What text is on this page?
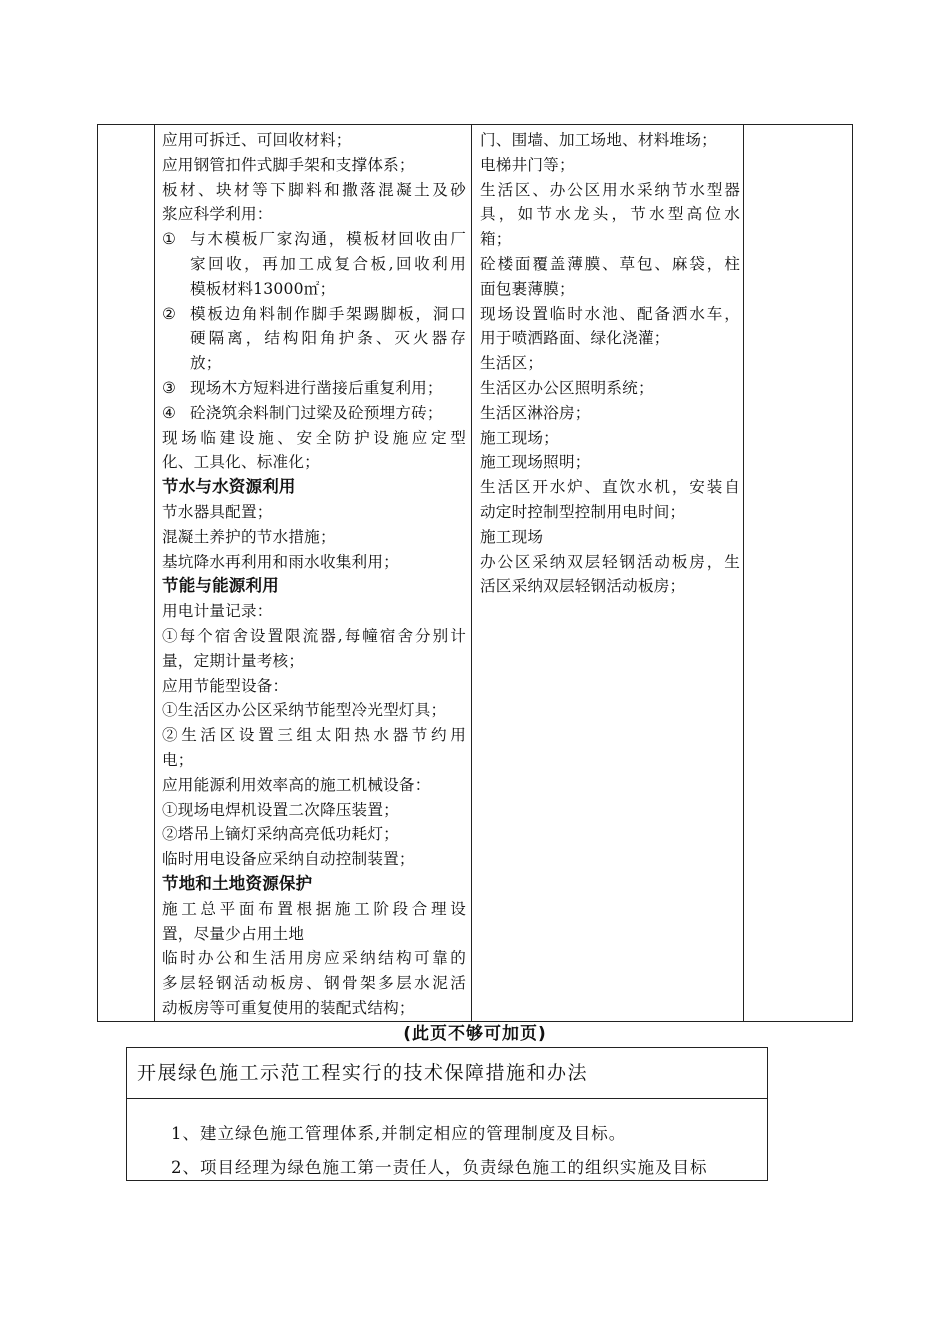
应用可拆迁、可回收材料；
应用钢管扣件式脚手架和支撑体系；
板材、块材等下脚料和撒落混凝土及砂
浆应科学利用：
① 与木模板厂家沟通，模板材回收由厂
家回收，再加工成复合板,回收利用
模板材料13000㎡；
② 模板边角料制作脚手架踢脚板，洞口
硬隔离，结构阳角护条、灭火器存
放；
③ 现场木方短料进行凿接后重复利用；
④ 砼浇筑余料制门过梁及砼预埋方砖；
现场临建设施、安全防护设施应定型
化、工具化、标准化；
节水与水资源利用
节水器具配置；
混凝土养护的节水措施；
基坑降水再利用和雨水收集利用；
节能与能源利用
用电计量记录：
①每个宿舍设置限流器,每幢宿舍分别计
量，定期计量考核；
应用节能型设备：
①生活区办公区采纳节能型冷光型灯具；
②生活区设置三组太阳热水器节约用
电；
应用能源利用效率高的施工机械设备：
①现场电焊机设置二次降压装置；
②塔吊上镝灯采纳高亮低功耗灯；
临时用电设备应采纳自动控制装置；
节地和土地资源保护
施工总平面布置根据施工阶段合理设
置，尽量少占用土地
临时办公和生活用房应采纳结构可靠的
多层轻钢活动板房、钢骨架多层水泥活
动板房等可重复使用的装配式结构；
门、围墙、加工场地、材料堆场；
电梯井门等；
生活区、办公区用水采纳节水型器
具，如节水龙头，节水型高位水
箱；
砼楼面覆盖薄膜、草包、麻袋，柱
面包裹薄膜；
现场设置临时水池、配备洒水车，
用于喷洒路面、绿化浇灌；
生活区；
生活区办公区照明系统；
生活区淋浴房；
施工现场；
施工现场照明；
生活区开水炉、直饮水机，安装自
动定时控制型控制用电时间；
施工现场
办公区采纳双层轻钢活动板房，生
活区采纳双层轻钢活动板房；
(此页不够可加页)
开展绿色施工示范工程实行的技术保障措施和办法
1、建立绿色施工管理体系,并制定相应的管理制度及目标。
2、项目经理为绿色施工第一责任人，负责绿色施工的组织实施及目标
